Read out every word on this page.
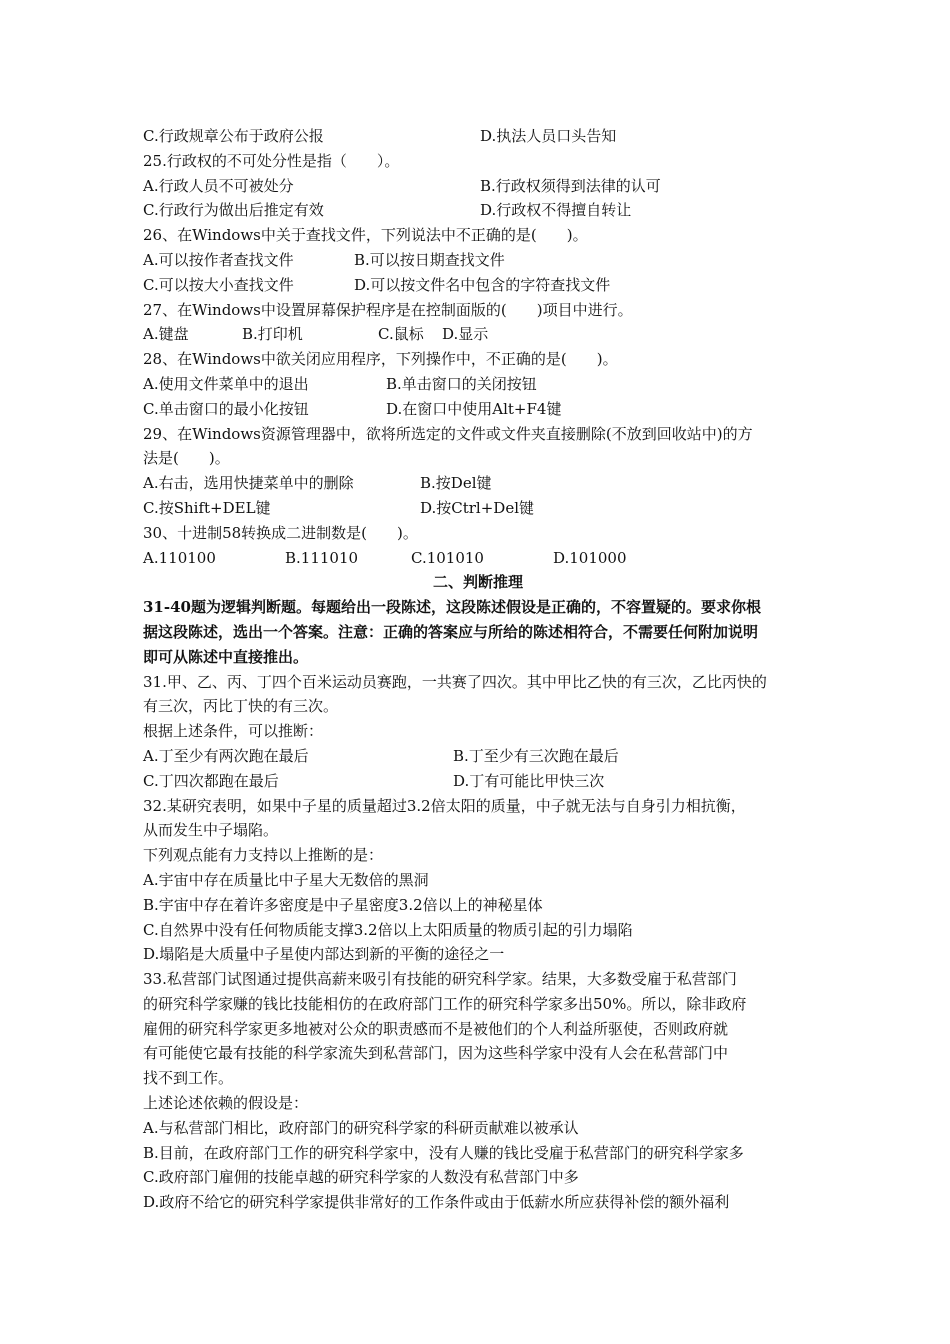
C.行政规章公布于政府公报	D.执法人员口头告知
25.行政权的不可处分性是指（　　）。
A.行政人员不可被处分	B.行政权须得到法律的认可
C.行政行为做出后推定有效	D.行政权不得擅自转让
26、在Windows中关于查找文件，下列说法中不正确的是(　　)。
A.可以按作者查找文件	B.可以按日期查找文件
C.可以按大小查找文件	D.可以按文件名中包含的字符查找文件
27、在Windows中设置屏幕保护程序是在控制面版的(　　)项目中进行。
A.键盘	B.打印机	C.鼠标 D.显示
28、在Windows中欲关闭应用程序，下列操作中，不正确的是(　　)。
A.使用文件菜单中的退出	B.单击窗口的关闭按钮
C.单击窗口的最小化按钮	D.在窗口中使用Alt+F4键
29、在Windows资源管理器中，欲将所选定的文件或文件夹直接删除(不放到回收站中)的方
法是(　　)。
A.右击，选用快捷菜单中的删除	B.按Del键
C.按Shift+DEL键	D.按Ctrl+Del键
30、十进制58转换成二进制数是(　　)。
A.110100	B.111010	C.101010	D.101000
二、判断推理
31-40题为逻辑判断题。每题给出一段陈述，这段陈述假设是正确的，不容置疑的。要求你根
据这段陈述，选出一个答案。注意：正确的答案应与所给的陈述相符合，不需要任何附加说明
即可从陈述中直接推出。
31.甲、乙、丙、丁四个百米运动员赛跑，一共赛了四次。其中甲比乙快的有三次，乙比丙快的
有三次，丙比丁快的有三次。
根据上述条件，可以推断：
A.丁至少有两次跑在最后	B.丁至少有三次跑在最后
C.丁四次都跑在最后	D.丁有可能比甲快三次
32.某研究表明，如果中子星的质量超过3.2倍太阳的质量，中子就无法与自身引力相抗衡，
从而发生中子塌陷。
下列观点能有力支持以上推断的是：
A.宇宙中存在质量比中子星大无数倍的黑洞
B.宇宙中存在着许多密度是中子星密度3.2倍以上的神秘星体
C.自然界中没有任何物质能支撑3.2倍以上太阳质量的物质引起的引力塌陷
D.塌陷是大质量中子星使内部达到新的平衡的途径之一
33.私营部门试图通过提供高薪来吸引有技能的研究科学家。结果，大多数受雇于私营部门
的研究科学家赚的钱比技能相仿的在政府部门工作的研究科学家多出50%。所以，除非政府
雇佣的研究科学家更多地被对公众的职责感而不是被他们的个人利益所驱使，否则政府就
有可能使它最有技能的科学家流失到私营部门，因为这些科学家中没有人会在私营部门中
找不到工作。
上述论述依赖的假设是：
A.与私营部门相比，政府部门的研究科学家的科研贡献难以被承认
B.目前，在政府部门工作的研究科学家中，没有人赚的钱比受雇于私营部门的研究科学家多
C.政府部门雇佣的技能卓越的研究科学家的人数没有私营部门中多
D.政府不给它的研究科学家提供非常好的工作条件或由于低薪水所应获得补偿的额外福利
